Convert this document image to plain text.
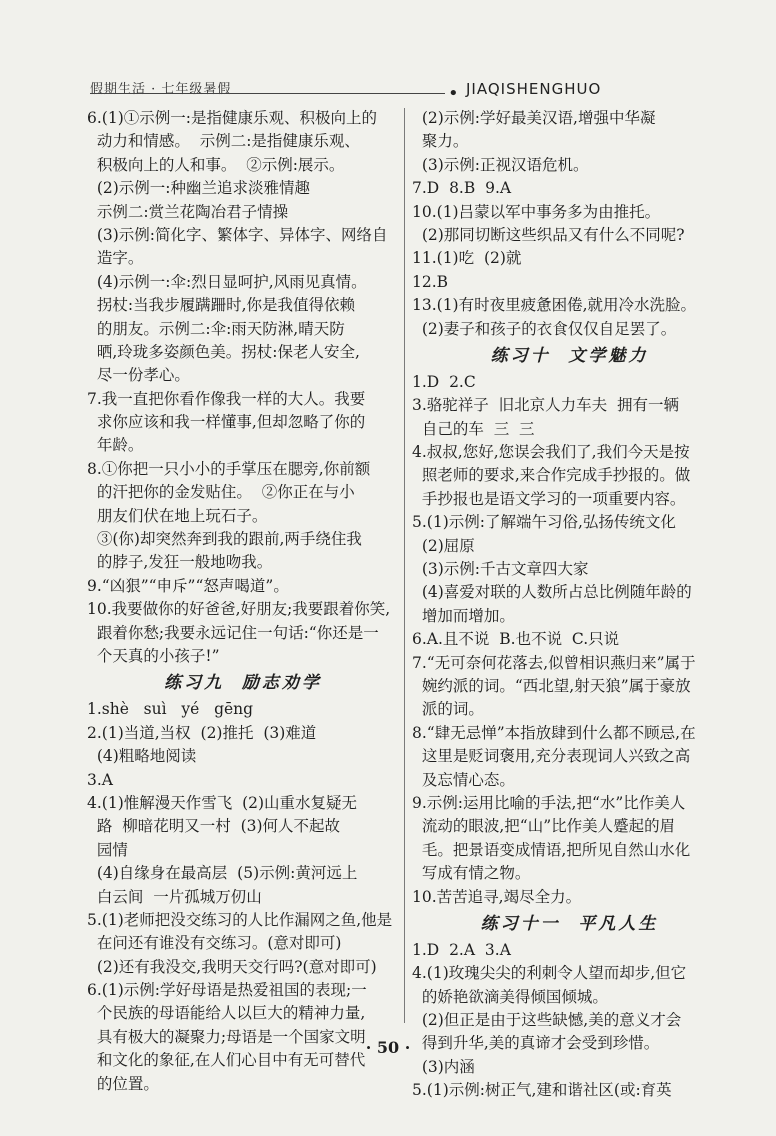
假期生活 · 七年级暑假	• JIAQISHENGHUO
6.(1)①示例一:是指健康乐观、积极向上的
动力和情感。  示例二:是指健康乐观、
积极向上的人和事。  ②示例:展示。
(2)示例一:种幽兰追求淡雅情趣
示例二:赏兰花陶冶君子情操
(3)示例:简化字、繁体字、异体字、网络自
造字。
(4)示例一:伞:烈日显呵护,风雨见真情。
拐杖:当我步履蹒跚时,你是我值得依赖
的朋友。示例二:伞:雨天防淋,晴天防
晒,玲珑多姿颜色美。拐杖:保老人安全,
尽一份孝心。
7.我一直把你看作像我一样的大人。我要
求你应该和我一样懂事,但却忽略了你的
年龄。
8.①你把一只小小的手掌压在腮旁,你前额
的汗把你的金发贴住。  ②你正在与小
朋友们伏在地上玩石子。
③(你)却突然奔到我的跟前,两手绕住我
的脖子,发狂一般地吻我。
9.“凶狠”“申斥”“怒声喝道”。
10.我要做你的好爸爸,好朋友;我要跟着你笑,
跟着你愁;我要永远记住一句话:“你还是一
个天真的小孩子!”
练习九  励志劝学
1.shè   suì   yé   gēng
2.(1)当道,当权  (2)推托  (3)难道
(4)粗略地阅读
3.A
4.(1)惟解漫天作雪飞  (2)山重水复疑无
路  柳暗花明又一村  (3)何人不起故
园情
(4)自缘身在最高层  (5)示例:黄河远上
白云间  一片孤城万仞山
5.(1)老师把没交练习的人比作漏网之鱼,他是
在问还有谁没有交练习。(意对即可)
(2)还有我没交,我明天交行吗?(意对即可)
6.(1)示例:学好母语是热爱祖国的表现;一
个民族的母语能给人以巨大的精神力量,
具有极大的凝聚力;母语是一个国家文明
和文化的象征,在人们心目中有无可替代
的位置。
(2)示例:学好最美汉语,增强中华凝
聚力。
(3)示例:正视汉语危机。
7.D  8.B  9.A
10.(1)吕蒙以军中事务多为由推托。
(2)那同切断这些织品又有什么不同呢?
11.(1)吃  (2)就
12.B
13.(1)有时夜里疲惫困倦,就用冷水洗脸。
(2)妻子和孩子的衣食仅仅自足罢了。
练习十  文学魅力
1.D  2.C
3.骆驼祥子  旧北京人力车夫  拥有一辆
自己的车  三  三
4.叔叔,您好,您误会我们了,我们今天是按
照老师的要求,来合作完成手抄报的。做
手抄报也是语文学习的一项重要内容。
5.(1)示例:了解端午习俗,弘扬传统文化
(2)屈原
(3)示例:千古文章四大家
(4)喜爱对联的人数所占总比例随年龄的
增加而增加。
6.A.且不说  B.也不说  C.只说
7.“无可奈何花落去,似曾相识燕归来”属于
婉约派的词。“西北望,射天狼”属于豪放
派的词。
8.“肆无忌惮”本指放肆到什么都不顾忌,在
这里是贬词褒用,充分表现词人兴致之高
及忘情心态。
9.示例:运用比喻的手法,把“水”比作美人
流动的眼波,把“山”比作美人蹙起的眉
毛。把景语变成情语,把所见自然山水化
写成有情之物。
10.苦苦追寻,竭尽全力。
练习十一  平凡人生
1.D  2.A  3.A
4.(1)玫瑰尖尖的利刺令人望而却步,但它
的娇艳欲滴美得倾国倾城。
(2)但正是由于这些缺憾,美的意义才会
得到升华,美的真谛才会受到珍惜。
(3)内涵
5.(1)示例:树正气,建和谐社区(或:育英
· 50 ·
